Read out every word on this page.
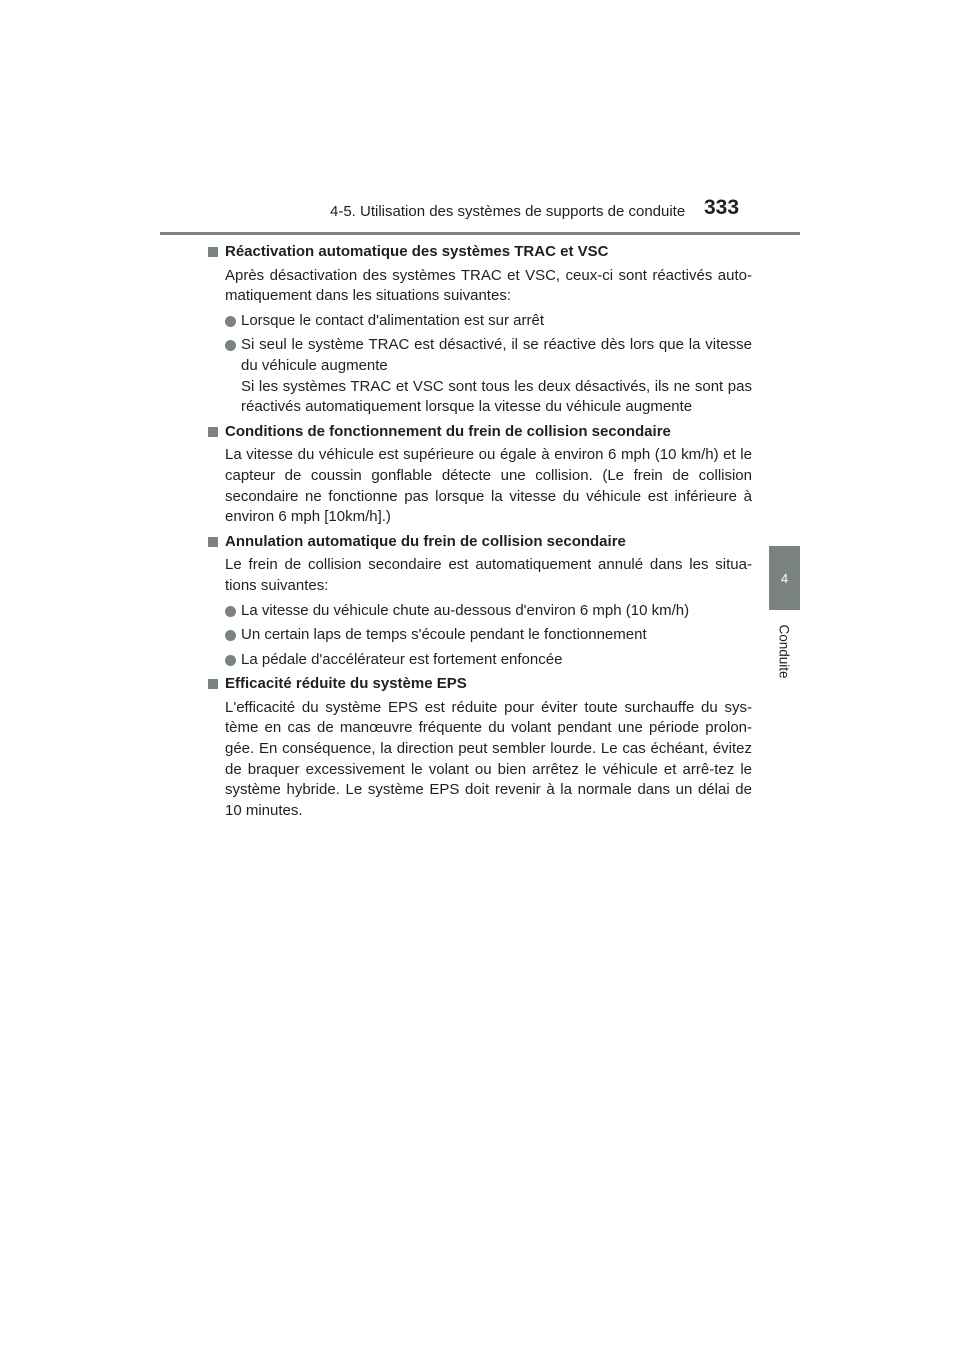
4-5. Utilisation des systèmes de supports de conduite 333
4
Conduite
Réactivation automatique des systèmes TRAC et VSC
Après désactivation des systèmes TRAC et VSC, ceux-ci sont réactivés auto-matiquement dans les situations suivantes:
Lorsque le contact d'alimentation est sur arrêt
Si seul le système TRAC est désactivé, il se réactive dès lors que la vitesse du véhicule augmente
Si les systèmes TRAC et VSC sont tous les deux désactivés, ils ne sont pas réactivés automatiquement lorsque la vitesse du véhicule augmente
Conditions de fonctionnement du frein de collision secondaire
La vitesse du véhicule est supérieure ou égale à environ 6 mph (10 km/h) et le capteur de coussin gonflable détecte une collision. (Le frein de collision secondaire ne fonctionne pas lorsque la vitesse du véhicule est inférieure à environ 6 mph [10km/h].)
Annulation automatique du frein de collision secondaire
Le frein de collision secondaire est automatiquement annulé dans les situa-tions suivantes:
La vitesse du véhicule chute au-dessous d'environ 6 mph (10 km/h)
Un certain laps de temps s'écoule pendant le fonctionnement
La pédale d'accélérateur est fortement enfoncée
Efficacité réduite du système EPS
L'efficacité du système EPS est réduite pour éviter toute surchauffe du sys-tème en cas de manœuvre fréquente du volant pendant une période prolon-gée. En conséquence, la direction peut sembler lourde. Le cas échéant, évitez de braquer excessivement le volant ou bien arrêtez le véhicule et arrê-tez le système hybride. Le système EPS doit revenir à la normale dans un délai de 10 minutes.
